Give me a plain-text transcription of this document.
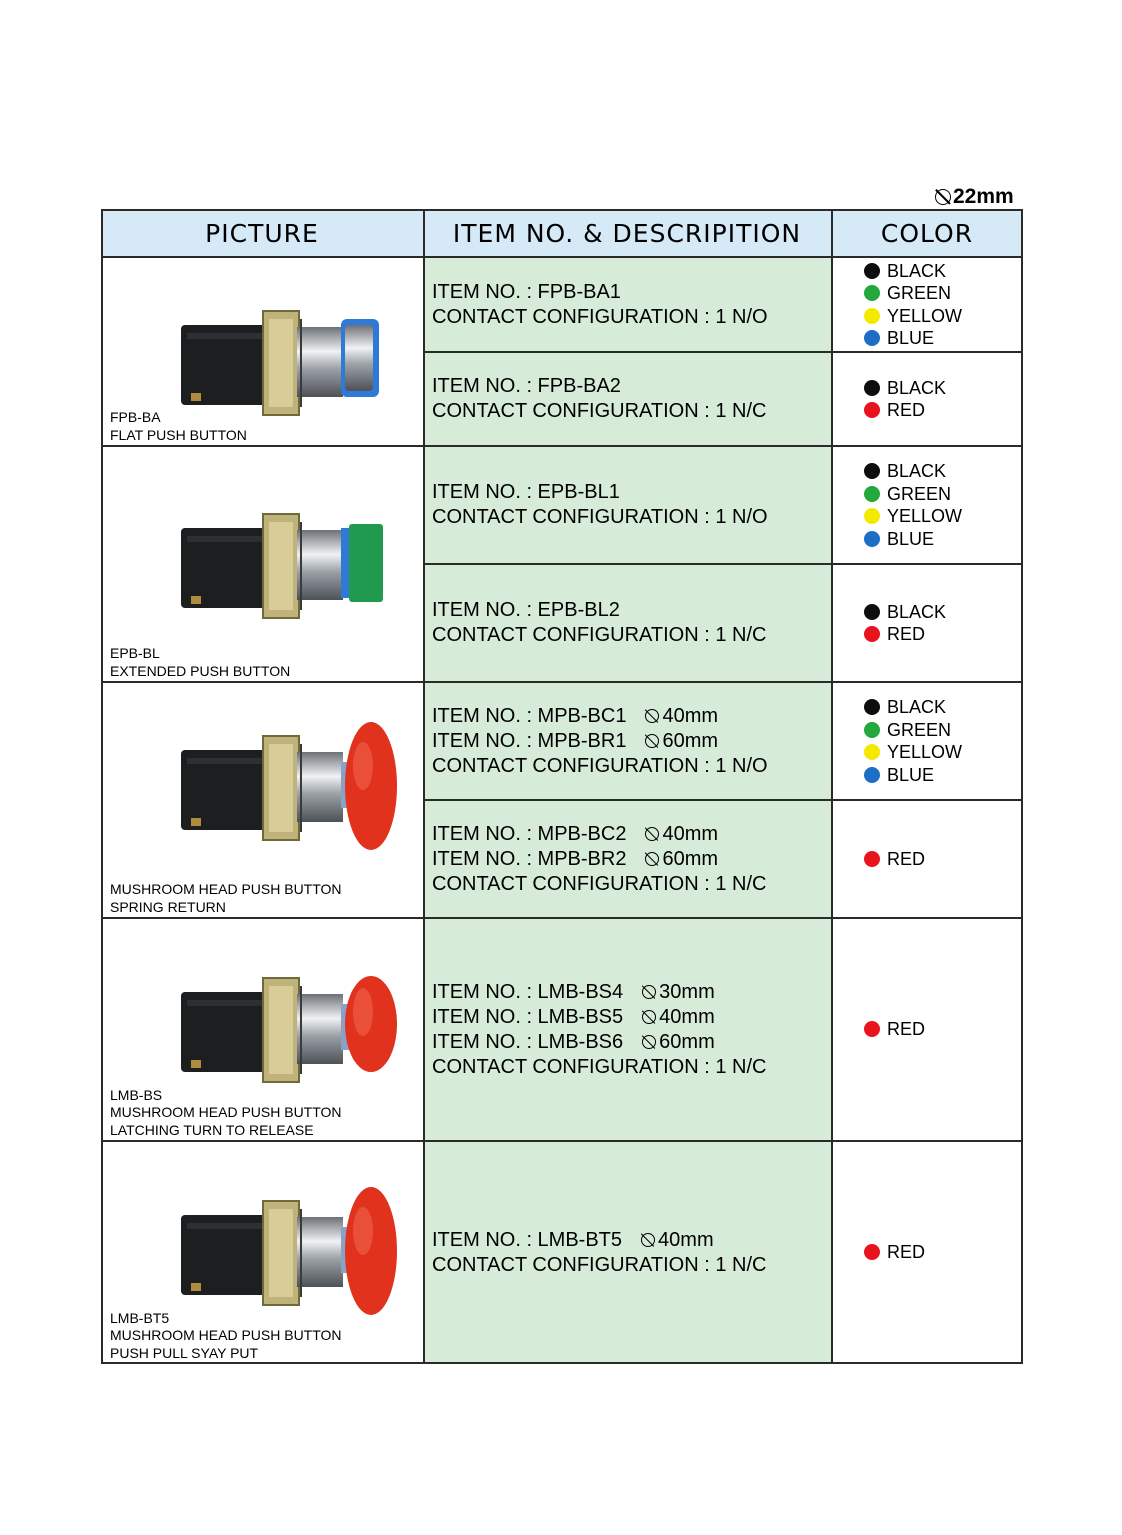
22mm
PICTURE	ITEM NO. & DESCRIPITION	COLOR
FPB-BA
FLAT PUSH BUTTON
EPB-BL
EXTENDED PUSH BUTTON
MUSHROOM HEAD PUSH BUTTON
SPRING RETURN
LMB-BS
MUSHROOM HEAD PUSH BUTTON
LATCHING TURN TO RELEASE
LMB-BT5
MUSHROOM HEAD PUSH BUTTON
PUSH PULL SYAY PUT
ITEM NO. : FPB-BA1
CONTACT CONFIGURATION : 1 N/O
BLACK
GREEN
YELLOW
BLUE
ITEM NO. : FPB-BA2
CONTACT CONFIGURATION : 1 N/C
BLACK
RED
ITEM NO. : EPB-BL1
CONTACT CONFIGURATION : 1 N/O
BLACK
GREEN
YELLOW
BLUE
ITEM NO. : EPB-BL2
CONTACT CONFIGURATION : 1 N/C
BLACK
RED
ITEM NO. : MPB-BC1 40mm
ITEM NO. : MPB-BR1 60mm
CONTACT CONFIGURATION : 1 N/O
BLACK
GREEN
YELLOW
BLUE
ITEM NO. : MPB-BC2 40mm
ITEM NO. : MPB-BR2 60mm
CONTACT CONFIGURATION : 1 N/C
RED
ITEM NO. : LMB-BS4 30mm
ITEM NO. : LMB-BS5 40mm
ITEM NO. : LMB-BS6 60mm
CONTACT CONFIGURATION : 1 N/C
RED
ITEM NO. : LMB-BT5 40mm
CONTACT CONFIGURATION : 1 N/C
RED
